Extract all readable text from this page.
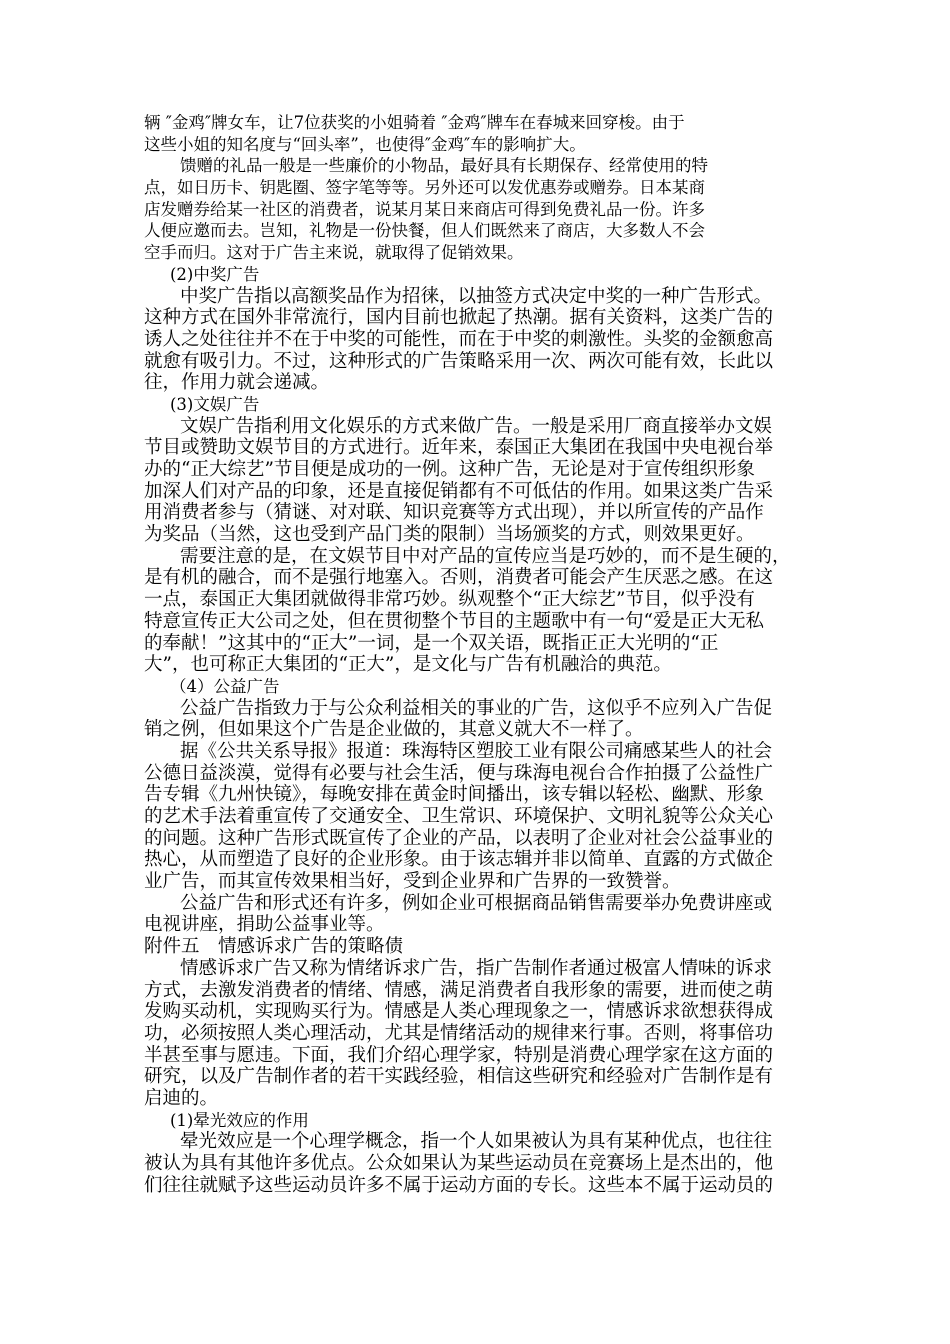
辆 ″金鸡″牌女车，让7位获奖的小姐骑着 ″金鸡″牌车在春城来回穿梭。由于
这些小姐的知名度与“回头率”，也使得″金鸡″车的影响扩大。
馈赠的礼品一般是一些廉价的小物品，最好具有长期保存、经常使用的特
点，如日历卡、钥匙圈、签字笔等等。另外还可以发优惠券或赠券。日本某商
店发赠券给某一社区的消费者，说某月某日来商店可得到免费礼品一份。许多
人便应邀而去。岂知，礼物是一份快餐，但人们既然来了商店，大多数人不会
空手而归。这对于广告主来说，就取得了促销效果。
(2)中奖广告
中奖广告指以高额奖品作为招徕，以抽签方式决定中奖的一种广告形式。
这种方式在国外非常流行，国内目前也掀起了热潮。据有关资料，这类广告的
诱人之处往往并不在于中奖的可能性，而在于中奖的刺激性。头奖的金额愈高
就愈有吸引力。不过，这种形式的广告策略采用一次、两次可能有效，长此以
往，作用力就会递减。
(3)文娱广告
文娱广告指利用文化娱乐的方式来做广告。一般是采用厂商直接举办文娱
节目或赞助文娱节目的方式进行。近年来，泰国正大集团在我国中央电视台举
办的“正大综艺”节目便是成功的一例。这种广告，无论是对于宣传组织形象
加深人们对产品的印象，还是直接促销都有不可低估的作用。如果这类广告采
用消费者参与（猜谜、对对联、知识竞赛等方式出现），并以所宣传的产品作
为奖品（当然，这也受到产品门类的限制）当场颁奖的方式，则效果更好。
需要注意的是，在文娱节目中对产品的宣传应当是巧妙的，而不是生硬的，
是有机的融合，而不是强行地塞入。否则，消费者可能会产生厌恶之感。在这
一点，泰国正大集团就做得非常巧妙。纵观整个“正大综艺”节目，似乎没有
特意宣传正大公司之处，但在贯彻整个节目的主题歌中有一句“爱是正大无私
的奉献！”这其中的“正大”一词，是一个双关语，既指正正大光明的“正
大”，也可称正大集团的“正大”，是文化与广告有机融洽的典范。
（4）公益广告
公益广告指致力于与公众利益相关的事业的广告，这似乎不应列入广告促
销之例，但如果这个广告是企业做的，其意义就大不一样了。
据《公共关系导报》报道：珠海特区塑胶工业有限公司痛感某些人的社会
公德日益淡漠，觉得有必要与社会生活，便与珠海电视台合作拍摄了公益性广
告专辑《九州快镜》，每晚安排在黄金时间播出，该专辑以轻松、幽默、形象
的艺术手法着重宣传了交通安全、卫生常识、环境保护、文明礼貌等公众关心
的问题。这种广告形式既宣传了企业的产品，以表明了企业对社会公益事业的
热心，从而塑造了良好的企业形象。由于该志辑并非以简单、直露的方式做企
业广告，而其宣传效果相当好，受到企业界和广告界的一致赞誉。
公益广告和形式还有许多，例如企业可根据商品销售需要举办免费讲座或
电视讲座，捐助公益事业等。
附件五　情感诉求广告的策略债
情感诉求广告又称为情绪诉求广告，指广告制作者通过极富人情味的诉求
方式，去激发消费者的情绪、情感，满足消费者自我形象的需要，进而使之萌
发购买动机，实现购买行为。情感是人类心理现象之一，情感诉求欲想获得成
功，必须按照人类心理活动，尤其是情绪活动的规律来行事。否则，将事倍功
半甚至事与愿违。下面，我们介绍心理学家，特别是消费心理学家在这方面的
研究，以及广告制作者的若干实践经验，相信这些研究和经验对广告制作是有
启迪的。
(1)晕光效应的作用
晕光效应是一个心理学概念，指一个人如果被认为具有某种优点，也往往
被认为具有其他许多优点。公众如果认为某些运动员在竞赛场上是杰出的，他
们往往就赋予这些运动员许多不属于运动方面的专长。这些本不属于运动员的
